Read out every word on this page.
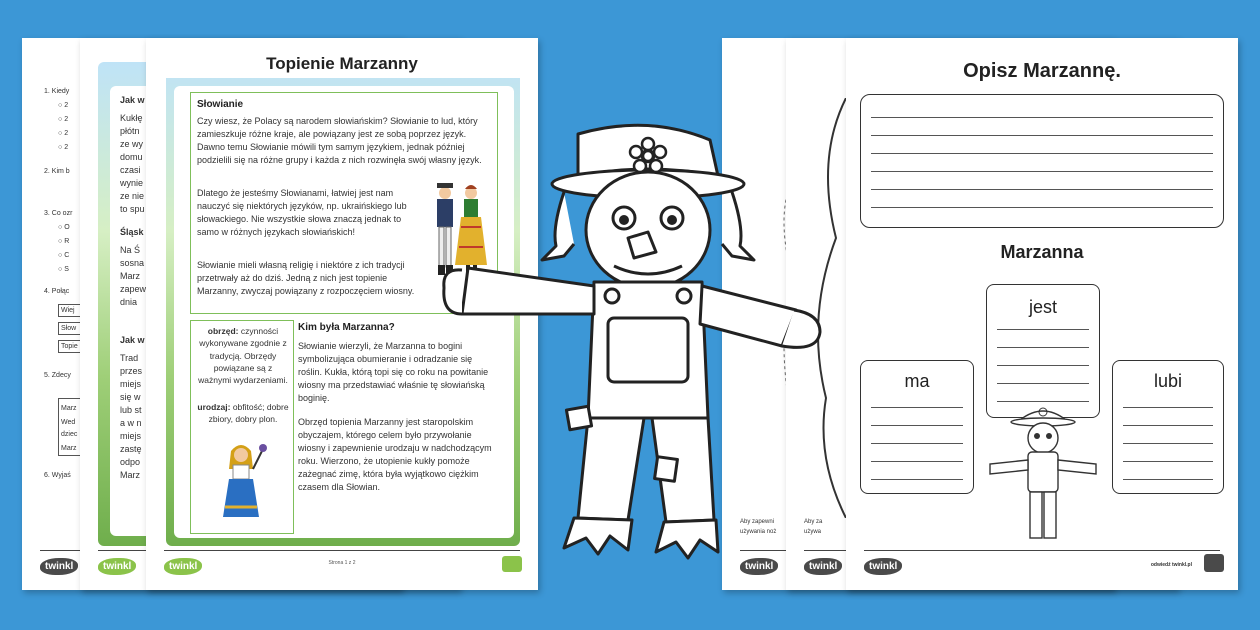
1. Kiedy
○ 2
○ 2
○ 2
○ 2
2. Kim b
3. Co ozr
○ O
○ R
○ C
○ S
4. Połąc
Wiej
Słow
Topie
5. Zdecy
Marz
Wed
dziec
Marz
6. Wyjaś
twinkl
Jak w
Kukłę
płótn
ze wy
domu
czasi
wynie
ze nie
to spu
Śląsk
Na Ś
sosna
Marz
zapew
dnia
Jak w
Trad
przes
miejs
się w
lub st
a w n
miejs
zastę
odpo
Marz
twinkl
Topienie Marzanny
Słowianie
Czy wiesz, że Polacy są narodem słowiańskim? Słowianie to lud, który zamieszkuje różne kraje, ale powiązany jest ze sobą poprzez język. Dawno temu Słowianie mówili tym samym językiem, jednak później podzielili się na różne grupy i każda z nich rozwinęła swój własny język.
Dlatego że jesteśmy Słowianami, łatwiej jest nam nauczyć się niektórych języków, np. ukraińskiego lub słowackiego. Nie wszystkie słowa znaczą jednak to samo w różnych językach słowiańskich!
Słowianie mieli własną religię i niektóre z ich tradycji przetrwały aż do dziś. Jedną z nich jest topienie Marzanny, zwyczaj powiązany z rozpoczęciem wiosny.
obrzęd: czynności wykonywane zgodnie z tradycją. Obrzędy powiązane są z ważnymi wydarzeniami.
urodzaj: obfitość; dobre zbiory, dobry plon.
Kim była Marzanna?
Słowianie wierzyli, że Marzanna to bogini symbolizująca obumieranie i odradzanie się roślin. Kukła, którą topi się co roku na powitanie wiosny ma przedstawiać właśnie tę słowiańską boginię.
Obrzęd topienia Marzanny jest staropolskim obyczajem, którego celem było przywołanie wiosny i zapewnienie urodzaju w nadchodzącym roku. Wierzono, że utopienie kukły pomoże zażegnać zimę, która była wyjątkowo ciężkim czasem dla Słowian.
twinkl	Strona 1 z 2
Aby zapewni
używania noż
twinkl
Aby za
używa
twinkl
Opisz Marzannę.
Marzanna
jest
ma	lubi
twinkl	odwiedź twinkl.pl
